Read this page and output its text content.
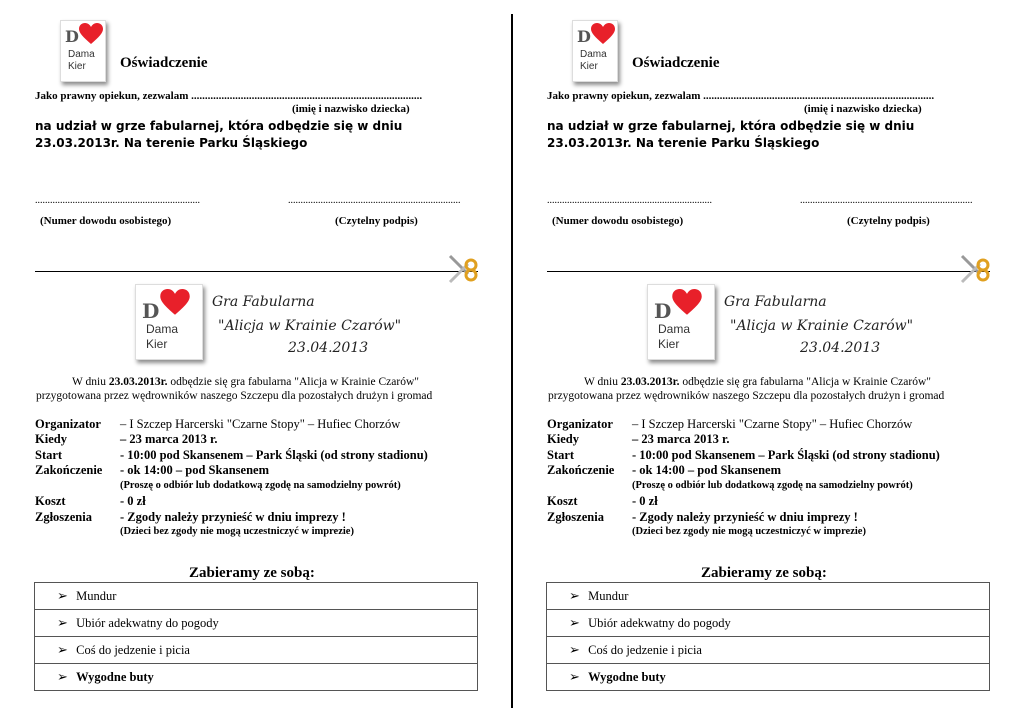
D
Dama
Kier Oświadczenie
Jako prawny opiekun, zezwalam ....................................................................................
(imię i nazwisko dziecka)
na udział w grze fabularnej, która odbędzie się w dniu
23.03.2013r. Na terenie Parku Śląskiego
..................................................................	.....................................................................
(Numer dowodu osobistego)	(Czytelny podpis)
D
Dama
Kier
Gra Fabularna
"Alicja w Krainie Czarów"
23.04.2013
W dniu 23.03.2013r. odbędzie się gra fabularna "Alicja w Krainie Czarów"
przygotowana przez wędrowników naszego Szczepu dla pozostałych drużyn i gromad
Organizator – I Szczep Harcerski "Czarne Stopy" – Hufiec Chorzów
Kiedy	– 23 marca 2013 r.
Start	- 10:00 pod Skansenem – Park Śląski (od strony stadionu)
Zakończenie - ok 14:00 – pod Skansenem
(Proszę o odbiór lub dodatkową zgodę na samodzielny powrót)
Koszt	- 0 zł
Zgłoszenia - Zgody należy przynieść w dniu imprezy !
(Dzieci bez zgody nie mogą uczestniczyć w imprezie)
Zabieramy ze sobą:
➢ Mundur
➢ Ubiór adekwatny do pogody
➢ Coś do jedzenie i picia
➢ Wygodne buty
D
Dama
Kier Oświadczenie
Jako prawny opiekun, zezwalam ....................................................................................
(imię i nazwisko dziecka)
na udział w grze fabularnej, która odbędzie się w dniu
23.03.2013r. Na terenie Parku Śląskiego
..................................................................	.....................................................................
(Numer dowodu osobistego)	(Czytelny podpis)
D
Dama
Kier
Gra Fabularna
"Alicja w Krainie Czarów"
23.04.2013
W dniu 23.03.2013r. odbędzie się gra fabularna "Alicja w Krainie Czarów"
przygotowana przez wędrowników naszego Szczepu dla pozostałych drużyn i gromad
Organizator – I Szczep Harcerski "Czarne Stopy" – Hufiec Chorzów
Kiedy	– 23 marca 2013 r.
Start	- 10:00 pod Skansenem – Park Śląski (od strony stadionu)
Zakończenie - ok 14:00 – pod Skansenem
(Proszę o odbiór lub dodatkową zgodę na samodzielny powrót)
Koszt	- 0 zł
Zgłoszenia - Zgody należy przynieść w dniu imprezy !
(Dzieci bez zgody nie mogą uczestniczyć w imprezie)
Zabieramy ze sobą:
➢ Mundur
➢ Ubiór adekwatny do pogody
➢ Coś do jedzenie i picia
➢ Wygodne buty
